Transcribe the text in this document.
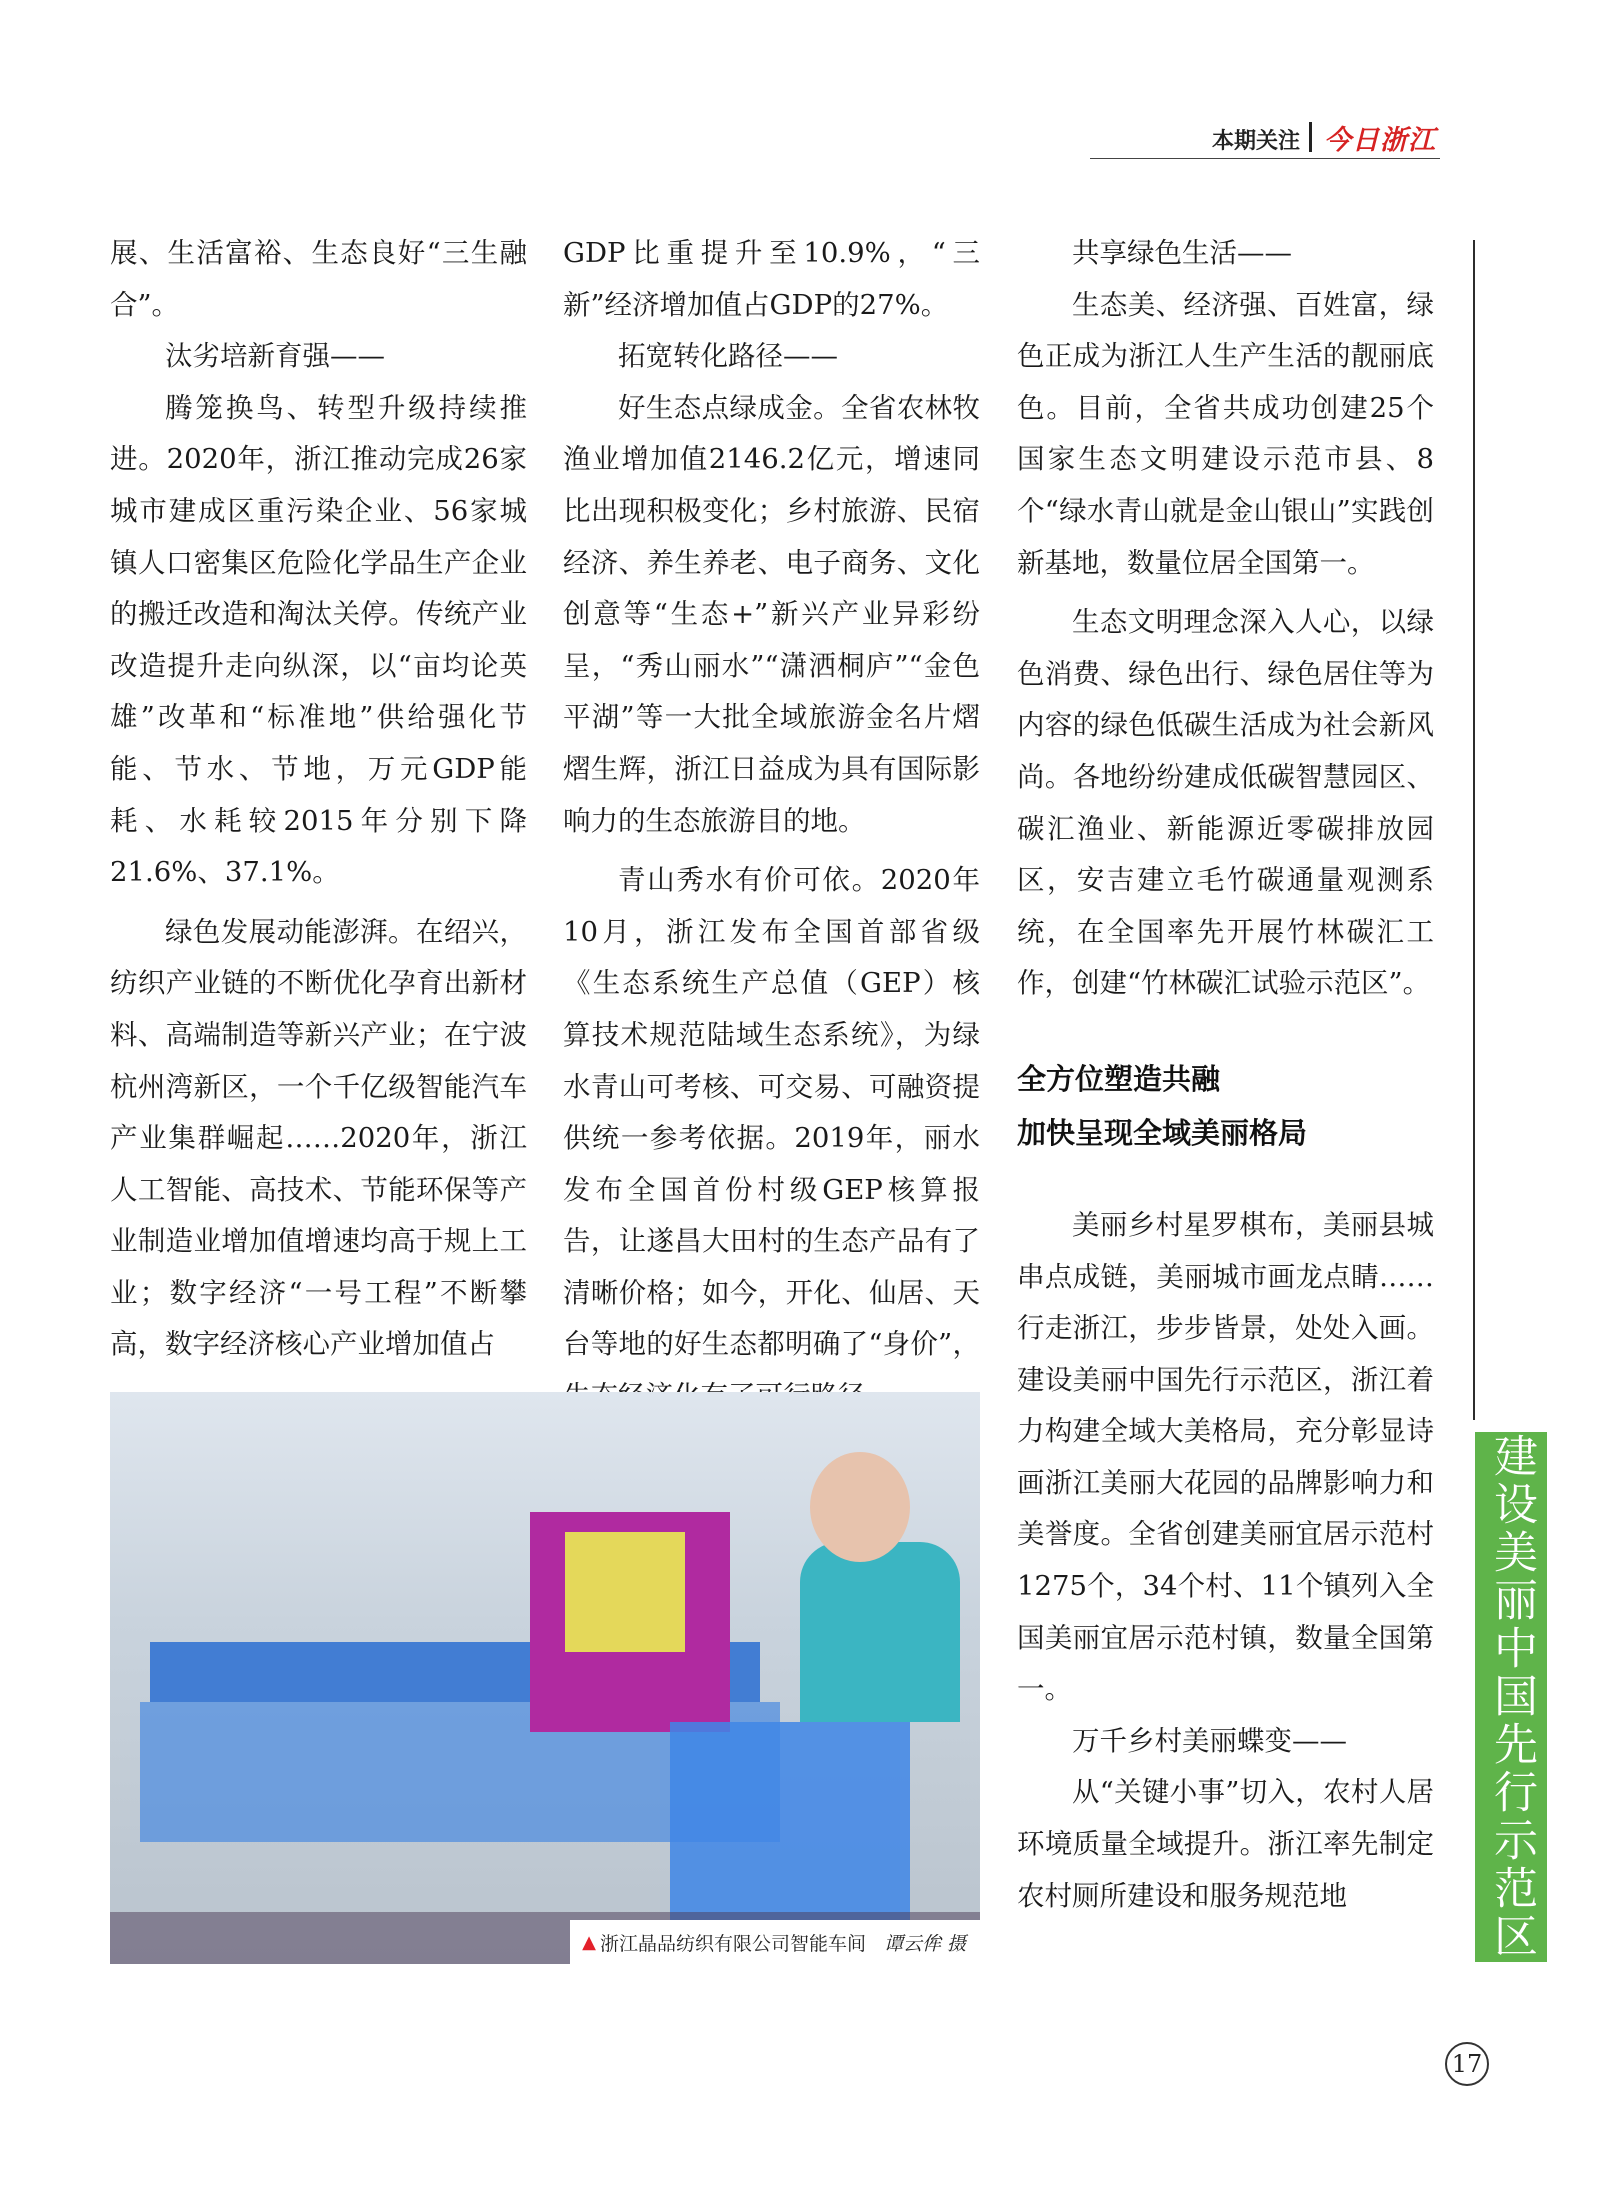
本期关注 今日浙江

展、生活富裕、生态良好“三生融合”。

汰劣培新育强——

腾笼换鸟、转型升级持续推进。2020年，浙江推动完成26家城市建成区重污染企业、56家城镇人口密集区危险化学品生产企业的搬迁改造和淘汰关停。传统产业改造提升走向纵深，以“亩均论英雄”改革和“标准地”供给强化节能、节水、节地，万元GDP能耗、水耗较2015年分别下降21.6%、37.1%。

绿色发展动能澎湃。在绍兴，纺织产业链的不断优化孕育出新材料、高端制造等新兴产业；在宁波杭州湾新区，一个千亿级智能汽车产业集群崛起……2020年，浙江人工智能、高技术、节能环保等产业制造业增加值增速均高于规上工业；数字经济“一号工程”不断攀高，数字经济核心产业增加值占

GDP比重提升至10.9%，“三新”经济增加值占GDP的27%。

拓宽转化路径——

好生态点绿成金。全省农林牧渔业增加值2146.2亿元，增速同比出现积极变化；乡村旅游、民宿经济、养生养老、电子商务、文化创意等“生态+”新兴产业异彩纷呈，“秀山丽水”“潇洒桐庐”“金色平湖”等一大批全域旅游金名片熠熠生辉，浙江日益成为具有国际影响力的生态旅游目的地。

青山秀水有价可依。2020年10月，浙江发布全国首部省级《生态系统生产总值（GEP）核算技术规范陆域生态系统》，为绿水青山可考核、可交易、可融资提供统一参考依据。2019年，丽水发布全国首份村级GEP核算报告，让遂昌大田村的生态产品有了清晰价格；如今，开化、仙居、天台等地的好生态都明确了“身价”，

共享绿色生活——

生态美、经济强、百姓富，绿色正成为浙江人生产生活的靓丽底色。目前，全省共成功创建25个国家生态文明建设示范市县、8个“绿水青山就是金山银山”实践创新基地，数量位居全国第一。

生态文明理念深入人心，以绿色消费、绿色出行、绿色居住等为内容的绿色低碳生活成为社会新风尚。各地纷纷建成低碳智慧园区、碳汇渔业、新能源近零碳排放园区，安吉建立毛竹碳通量观测系统，在全国率先开展竹林碳汇工作，创建“竹林碳汇试验示范区”。

全方位塑造共融
加快呈现全域美丽格局

美丽乡村星罗棋布，美丽县城串点成链，美丽城市画龙点睛……行走浙江，步步皆景，处处入画。建设美丽中国先行示范区，浙江着力构建全域大美格局，充分彰显诗画浙江美丽大花园的品牌影响力和美誉度。全省创建美丽宜居示范村1275个，34个村、11个镇列入全国美丽宜居示范村镇，数量全国第一。

万千乡村美丽蝶变——

从“关键小事”切入，农村人居环境质量全域提升。浙江率先制定农村厕所建设和服务规范地

▲ 浙江晶品纺织有限公司智能车间 谭云侔 摄	建设美丽中国先行示范区
17
